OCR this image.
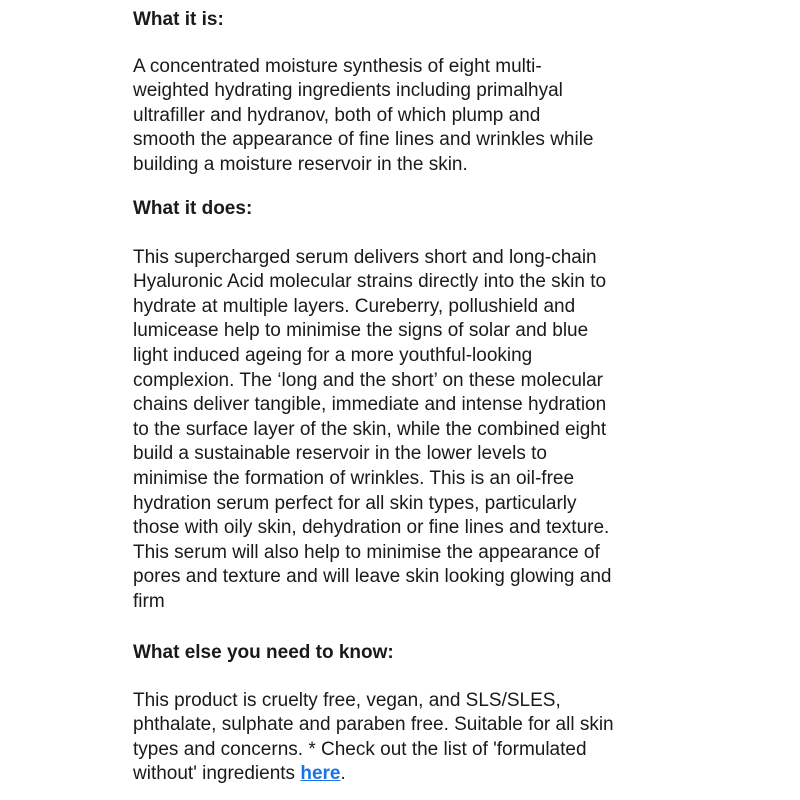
What it is:
A concentrated moisture synthesis of eight multi-
weighted hydrating ingredients including primalhyal
ultrafiller and hydranov, both of which plump and
smooth the appearance of fine lines and wrinkles while
building a moisture reservoir in the skin.
What it does:
This supercharged serum delivers short and long-chain
Hyaluronic Acid molecular strains directly into the skin to
hydrate at multiple layers. Cureberry, pollushield and
lumicease help to minimise the signs of solar and blue
light induced ageing for a more youthful-looking
complexion. The ‘long and the short’ on these molecular
chains deliver tangible, immediate and intense hydration
to the surface layer of the skin, while the combined eight
build a sustainable reservoir in the lower levels to
minimise the formation of wrinkles. This is an oil-free
hydration serum perfect for all skin types, particularly
those with oily skin, dehydration or fine lines and texture.
This serum will also help to minimise the appearance of
pores and texture and will leave skin looking glowing and
firm
What else you need to know:
This product is cruelty free, vegan, and SLS/SLES,
phthalate, sulphate and paraben free. Suitable for all skin
types and concerns. * Check out the list of 'formulated
without' ingredients here.
